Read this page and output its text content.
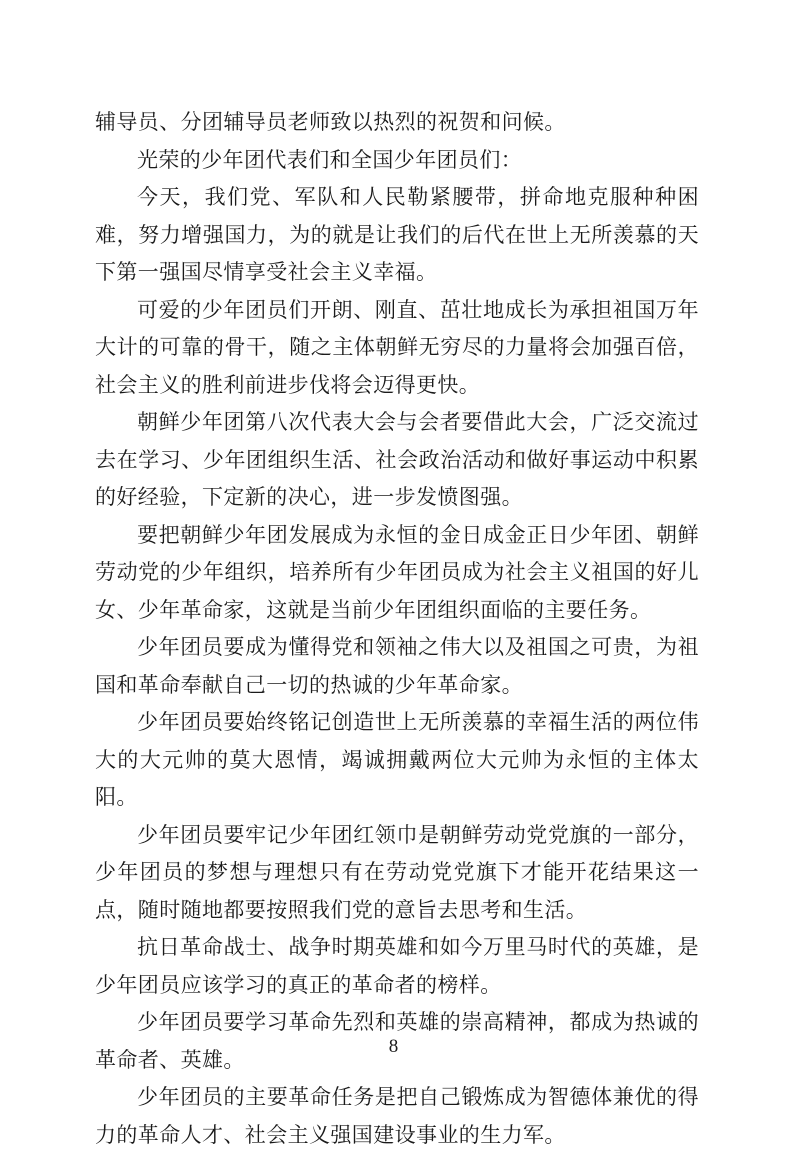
辅导员、分团辅导员老师致以热烈的祝贺和问候。

光荣的少年团代表们和全国少年团员们：

今天，我们党、军队和人民勒紧腰带，拼命地克服种种困难，努力增强国力，为的就是让我们的后代在世上无所羡慕的天下第一强国尽情享受社会主义幸福。

可爱的少年团员们开朗、刚直、茁壮地成长为承担祖国万年大计的可靠的骨干，随之主体朝鲜无穷尽的力量将会加强百倍，社会主义的胜利前进步伐将会迈得更快。

朝鲜少年团第八次代表大会与会者要借此大会，广泛交流过去在学习、少年团组织生活、社会政治活动和做好事运动中积累的好经验，下定新的决心，进一步发愤图强。

要把朝鲜少年团发展成为永恒的金日成金正日少年团、朝鲜劳动党的少年组织，培养所有少年团员成为社会主义祖国的好儿女、少年革命家，这就是当前少年团组织面临的主要任务。

少年团员要成为懂得党和领袖之伟大以及祖国之可贵，为祖国和革命奉献自己一切的热诚的少年革命家。

少年团员要始终铭记创造世上无所羡慕的幸福生活的两位伟大的大元帅的莫大恩情，竭诚拥戴两位大元帅为永恒的主体太阳。

少年团员要牢记少年团红领巾是朝鲜劳动党党旗的一部分，少年团员的梦想与理想只有在劳动党党旗下才能开花结果这一点，随时随地都要按照我们党的意旨去思考和生活。

抗日革命战士、战争时期英雄和如今万里马时代的英雄，是少年团员应该学习的真正的革命者的榜样。

少年团员要学习革命先烈和英雄的崇高精神，都成为热诚的革命者、英雄。

少年团员的主要革命任务是把自己锻炼成为智德体兼优的得力的革命人才、社会主义强国建设事业的生力军。

8
